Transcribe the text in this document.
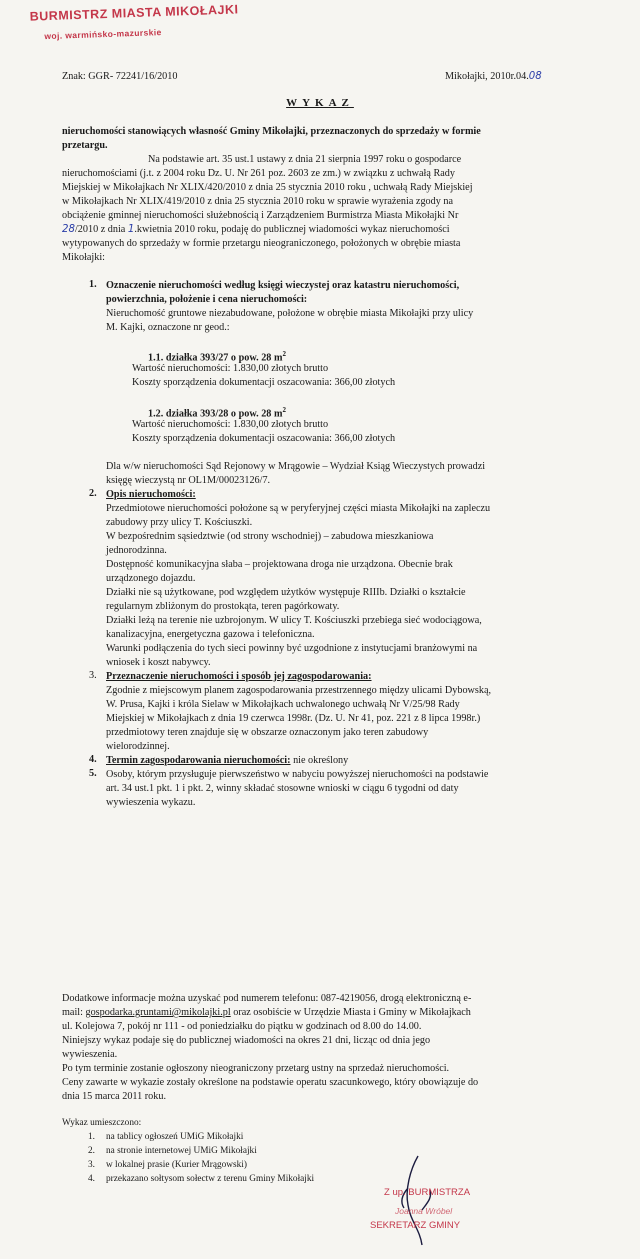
BURMISTRZ MIASTA MIKOŁAJKI
woj. warmińsko-mazurskie
Znak: GGR- 72241/16/2010	Mikołajki, 2010r.04.08
WYKAZ
nieruchomości stanowiących własność Gminy Mikołajki, przeznaczonych do sprzedaży w formie
przetargu.
Na podstawie art. 35 ust.1 ustawy z dnia 21 sierpnia 1997 roku o gospodarce
nieruchomościami (j.t. z 2004 roku Dz. U. Nr 261 poz. 2603 ze zm.) w związku z uchwałą Rady
Miejskiej w Mikołajkach Nr XLIX/420/2010 z dnia 25 stycznia 2010 roku , uchwałą Rady Miejskiej
w Mikołajkach Nr XLIX/419/2010 z dnia 25 stycznia 2010 roku w sprawie wyrażenia zgody na
obciążenie gminnej nieruchomości służebnością i Zarządzeniem Burmistrza Miasta Mikołajki Nr
28/2010 z dnia 1.kwietnia 2010 roku, podaję do publicznej wiadomości wykaz nieruchomości
wytypowanych do sprzedaży w formie przetargu nieograniczonego, położonych w obrębie miasta
Mikołajki:
1. Oznaczenie nieruchomości według księgi wieczystej oraz katastru nieruchomości,
powierzchnia, położenie i cena nieruchomości:
Nieruchomość gruntowe niezabudowane, położone w obrębie miasta Mikołajki przy ulicy
M. Kajki, oznaczone nr geod.:
1.1. działka 393/27 o pow. 28 $m^2$
Wartość nieruchomości: 1.830,00 złotych brutto
Koszty sporządzenia dokumentacji oszacowania: 366,00 złotych
1.2. działka 393/28 o pow. 28 $m^2$
Wartość nieruchomości: 1.830,00 złotych brutto
Koszty sporządzenia dokumentacji oszacowania: 366,00 złotych
Dla w/w nieruchomości Sąd Rejonowy w Mrągowie – Wydział Ksiąg Wieczystych prowadzi
księgę wieczystą nr OL1M/00023126/7.
2. Opis nieruchomości:
Przedmiotowe nieruchomości położone są w peryferyjnej części miasta Mikołajki na zapleczu
zabudowy przy ulicy T. Kościuszki.
W bezpośrednim sąsiedztwie (od strony wschodniej) – zabudowa mieszkaniowa
jednorodzinna.
Dostępność komunikacyjna słaba – projektowana droga nie urządzona. Obecnie brak
urządzonego dojazdu.
Działki nie są użytkowane, pod względem użytków występuje RIIIb. Działki o kształcie
regularnym zbliżonym do prostokąta, teren pagórkowaty.
Działki leżą na terenie nie uzbrojonym. W ulicy T. Kościuszki przebiega sieć wodociągowa,
kanalizacyjna, energetyczna gazowa i telefoniczna.
Warunki podłączenia do tych sieci powinny być uzgodnione z instytucjami branżowymi na
wniosek i koszt nabywcy.
3. Przeznaczenie nieruchomości i sposób jej zagospodarowania:
Zgodnie z miejscowym planem zagospodarowania przestrzennego między ulicami Dybowską,
W. Prusa, Kajki i króla Sielaw w Mikołajkach uchwalonego uchwałą Nr V/25/98 Rady
Miejskiej w Mikołajkach z dnia 19 czerwca 1998r. (Dz. U. Nr 41, poz. 221 z 8 lipca 1998r.)
przedmiotowy teren znajduje się w obszarze oznaczonym jako teren zabudowy
wielorodzinnej.
4. Termin zagospodarowania nieruchomości: nie określony
5. Osoby, którym przysługuje pierwszeństwo w nabyciu powyższej nieruchomości na podstawie
art. 34 ust.1 pkt. 1 i pkt. 2, winny składać stosowne wnioski w ciągu 6 tygodni od daty
wywieszenia wykazu.
Dodatkowe informacje można uzyskać pod numerem telefonu: 087-4219056, drogą elektroniczną e-
mail: gospodarka.gruntami@mikolajki.pl oraz osobiście w Urzędzie Miasta i Gminy w Mikołajkach
ul. Kolejowa 7, pokój nr 111 - od poniedziałku do piątku w godzinach od 8.00 do 14.00.
Niniejszy wykaz podaje się do publicznej wiadomości na okres 21 dni, licząc od dnia jego
wywieszenia.
Po tym terminie zostanie ogłoszony nieograniczony przetarg ustny na sprzedaż nieruchomości.
Ceny zawarte w wykazie zostały określone na podstawie operatu szacunkowego, który obowiązuje do
dnia 15 marca 2011 roku.
Wykaz umieszczono:
1. na tablicy ogłoszeń UMiG Mikołajki
2. na stronie internetowej UMiG Mikołajki
3. w lokalnej prasie (Kurier Mrągowski)
4. przekazano sołtysom sołectw z terenu Gminy Mikołajki
Z up. BURMISTRZA
Joanna Wróbel
SEKRETARZ GMINY
